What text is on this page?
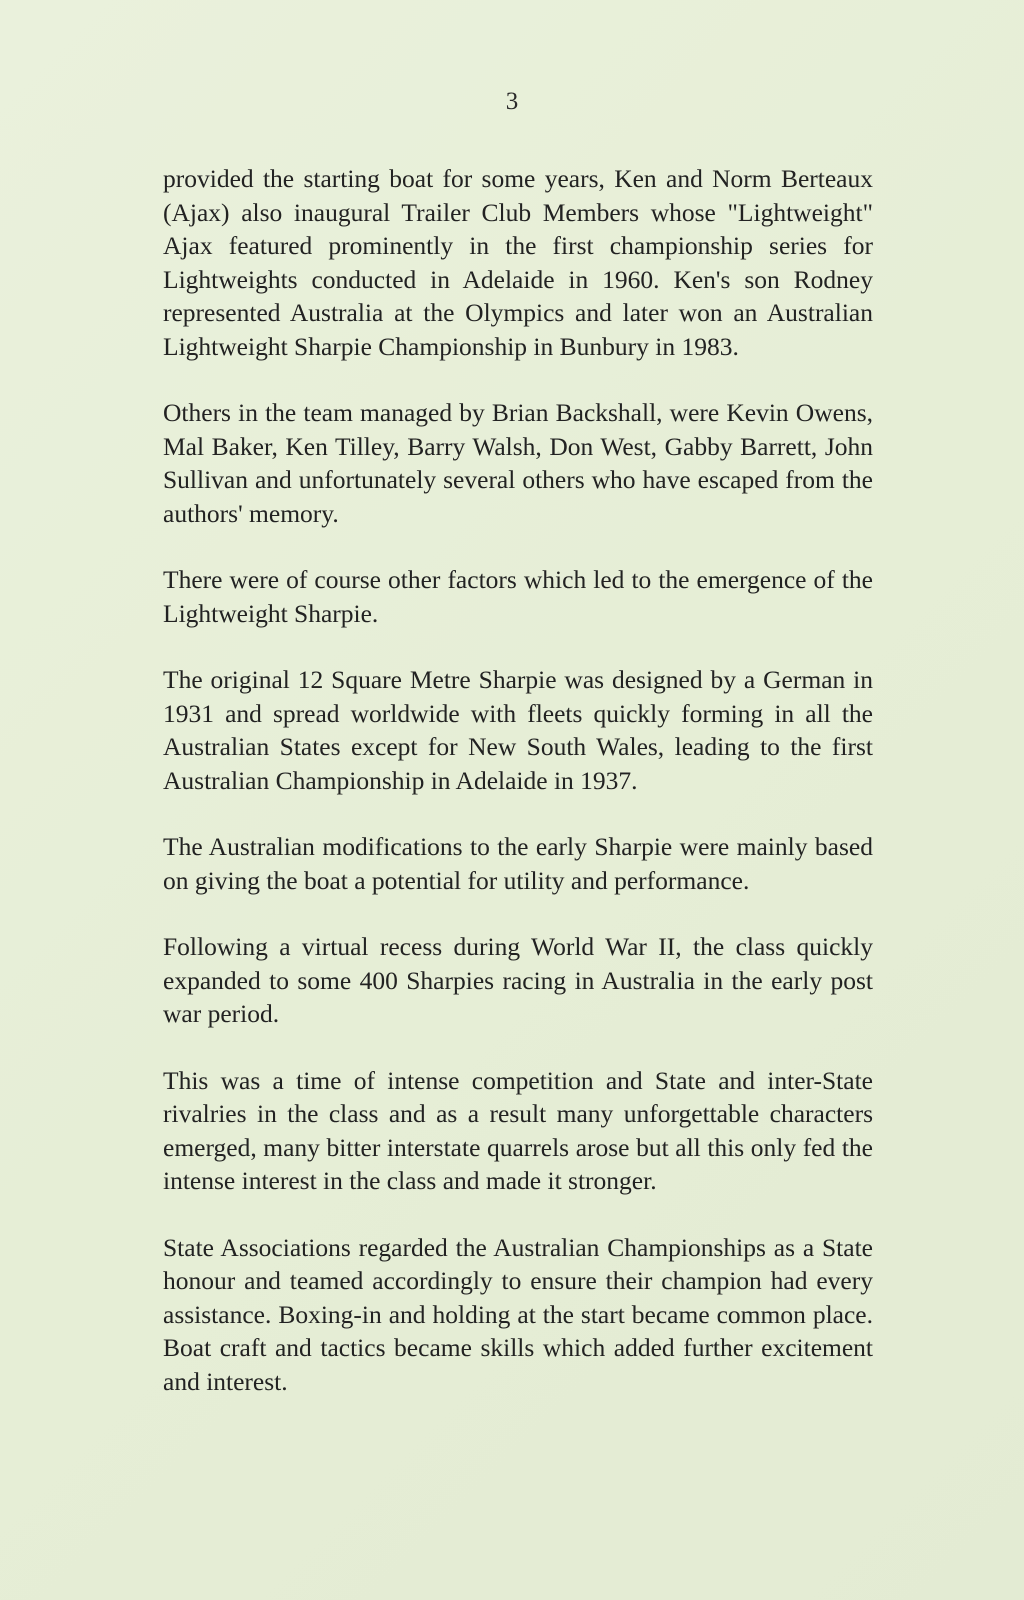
3

provided the starting boat for some years, Ken and Norm Berteaux (Ajax) also inaugural Trailer Club Members whose "Lightweight" Ajax featured prominently in the first championship series for Lightweights conducted in Adelaide in 1960. Ken's son Rodney represented Australia at the Olympics and later won an Australian Lightweight Sharpie Championship in Bunbury in 1983.

Others in the team managed by Brian Backshall, were Kevin Owens, Mal Baker, Ken Tilley, Barry Walsh, Don West, Gabby Barrett, John Sullivan and unfortunately several others who have escaped from the authors' memory.

There were of course other factors which led to the emergence of the Lightweight Sharpie.

The original 12 Square Metre Sharpie was designed by a German in 1931 and spread worldwide with fleets quickly forming in all the Australian States except for New South Wales, leading to the first Australian Championship in Adelaide in 1937.

The Australian modifications to the early Sharpie were mainly based on giving the boat a potential for utility and performance.

Following a virtual recess during World War II, the class quickly expanded to some 400 Sharpies racing in Australia in the early post war period.

This was a time of intense competition and State and inter-State rivalries in the class and as a result many unforgettable characters emerged, many bitter interstate quarrels arose but all this only fed the intense interest in the class and made it stronger.

State Associations regarded the Australian Championships as a State honour and teamed accordingly to ensure their champion had every assistance. Boxing-in and holding at the start became common place. Boat craft and tactics became skills which added further excitement and interest.
